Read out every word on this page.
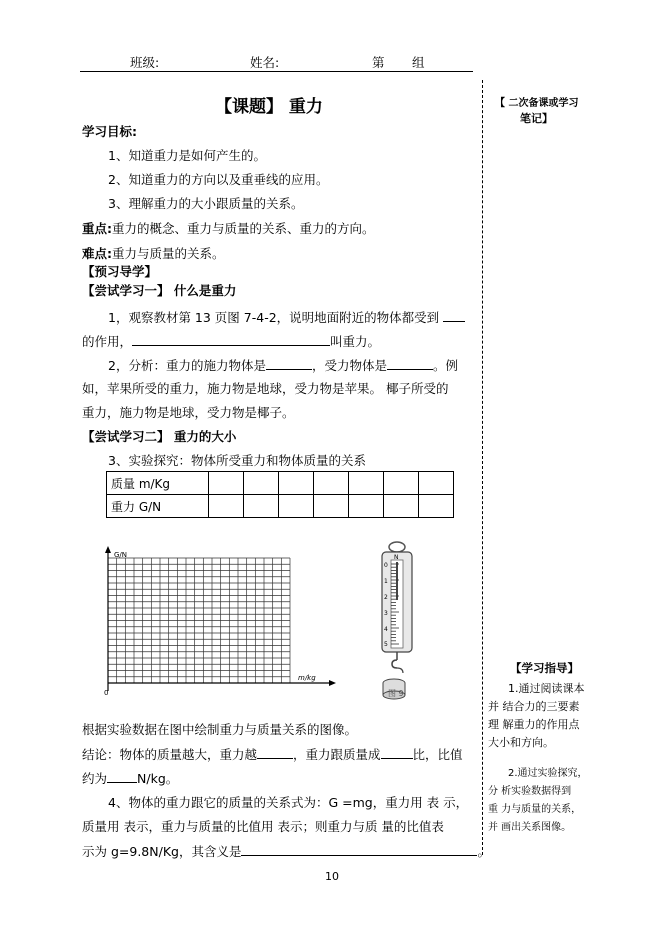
班级:	姓名:	第 组
【课题】 重力
学习目标:
1、知道重力是如何产生的。
2、知道重力的方向以及重垂线的应用。
3、理解重力的大小跟质量的关系。
重点:重力的概念、重力与质量的关系、重力的方向。
难点:重力与质量的关系。
【预习导学】
【尝试学习一】 什么是重力
1，观察教材第 13 页图 7-4-2，说明地面附近的物体都受到
的作用，	叫重力。
2，分析：重力的施力物体是	，受力物体是	。例
如，苹果所受的重力，施力物是地球，受力物是苹果。 椰子所受的
重力，施力物是地球，受力物是椰子。
【尝试学习二】 重力的大小
3、实验探究：物体所受重力和物体质量的关系
质量 m/Kg							
重力 G/N							
G/N
m/kg
0
N
0
1
2
3
4
5
图 9
根据实验数据在图中绘制重力与质量关系的图像。
结论：物体的质量越大，重力越	，重力跟质量成	比，比值
约为 N/kg。
4、物体的重力跟它的质量的关系式为：G =mg，重力用 表 示，
质量用 表示，重力与质量的比值用 表示；则重力与质 量的比值表
示为 g=9.8N/Kg，其含义是	。
【 二次备课或学习
笔记】
【学习指导】
1.通过阅读课本
并 结合力的三要素
理 解重力的作用点
大小和方向。
2.通过实验探究，
分 析实验数据得到
重 力与质量的关系，
并 画出关系图像。
10
